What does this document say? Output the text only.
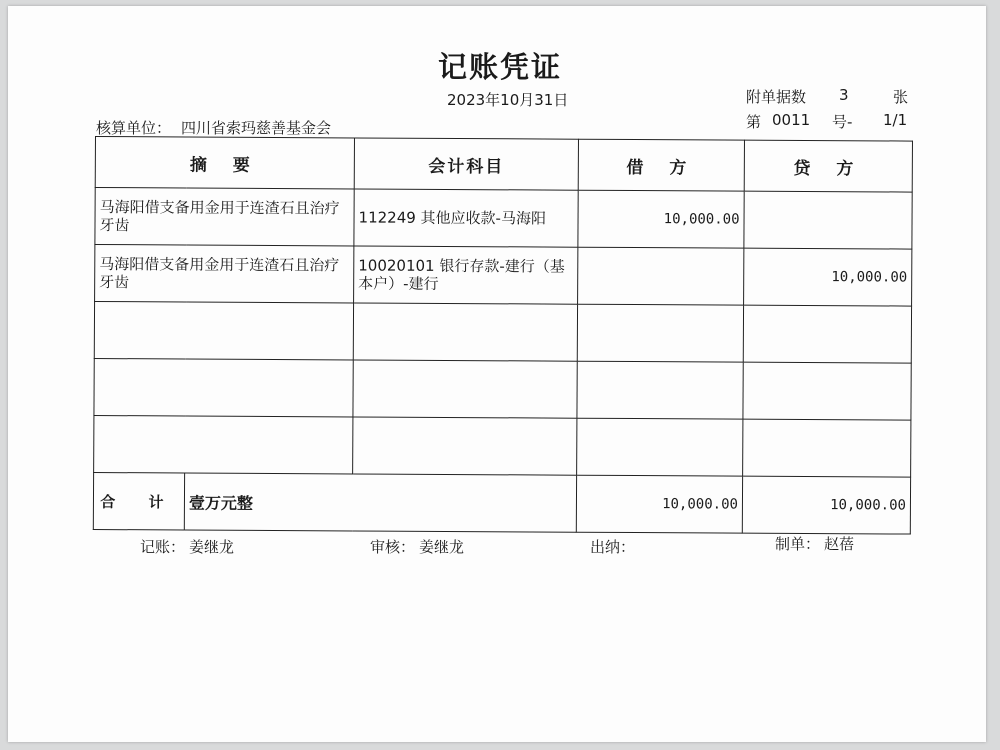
记账凭证
2023年10月31日	附单据数 3	张
第 0011 号- 1/1
核算单位： 四川省索玛慈善基金会
摘 要		会计科目	借 方	贷 方
马海阳借支备用金用于连渣石且治疗牙齿		112249 其他应收款-马海阳	10,000.00	
马海阳借支备用金用于连渣石且治疗牙齿		10020101 银行存款-建行（基本户）-建行		10,000.00

合 计	壹万元整		10,000.00	10,000.00
记账： 姜继龙	审核： 姜继龙	出纳：	制单： 赵蓓
